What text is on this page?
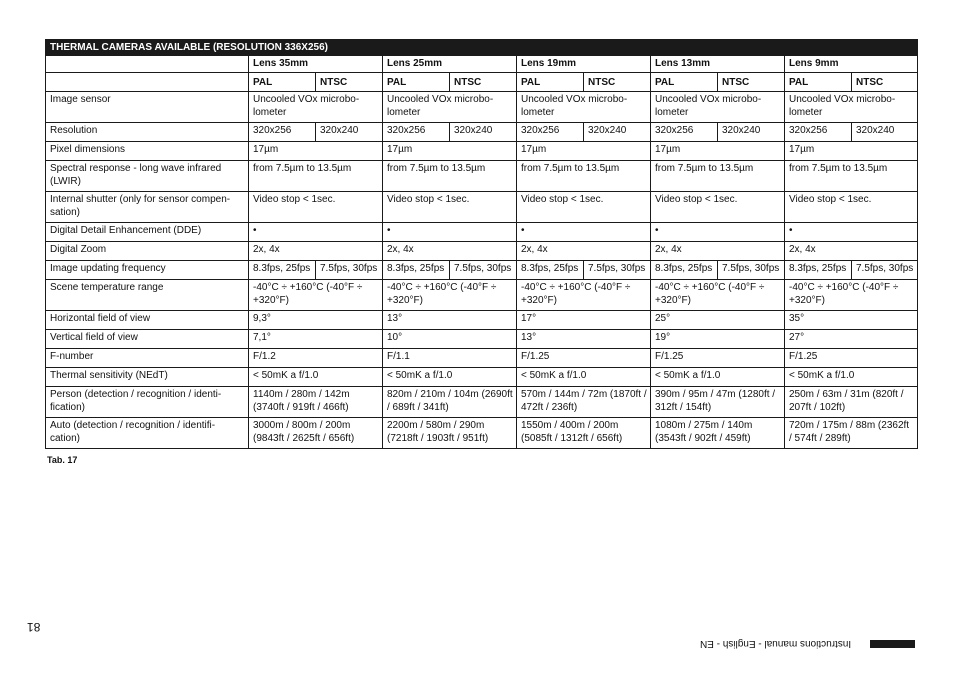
THERMAL CAMERAS AVAILABLE (RESOLUTION 336X256)										
	Lens 35mm		Lens 25mm		Lens 19mm		Lens 13mm		Lens 9mm	
	PAL	NTSC	PAL	NTSC	PAL	NTSC	PAL	NTSC	PAL	NTSC
Image sensor	Uncooled VOx microbo-lometer		Uncooled VOx microbo-lometer		Uncooled VOx microbo-lometer		Uncooled VOx microbo-lometer		Uncooled VOx microbo-lometer	
Resolution	320x256	320x240	320x256	320x240	320x256	320x240	320x256	320x240	320x256	320x240
Pixel dimensions	17µm		17µm		17µm		17µm		17µm	
Spectral response - long wave infrared (LWIR)	from 7.5µm to 13.5µm		from 7.5µm to 13.5µm		from 7.5µm to 13.5µm		from 7.5µm to 13.5µm		from 7.5µm to 13.5µm	
Internal shutter (only for sensor compen-sation)	Video stop < 1sec.		Video stop < 1sec.		Video stop < 1sec.		Video stop < 1sec.		Video stop < 1sec.	
Digital Detail Enhancement (DDE)	•		•		•		•		•	
Digital Zoom	2x, 4x		2x, 4x		2x, 4x		2x, 4x		2x, 4x	
Image updating frequency	8.3fps, 25fps	7.5fps, 30fps	8.3fps, 25fps	7.5fps, 30fps	8.3fps, 25fps	7.5fps, 30fps	8.3fps, 25fps	7.5fps, 30fps	8.3fps, 25fps	7.5fps, 30fps
Scene temperature range	-40°C ÷ +160°C (-40°F ÷ +320°F)		-40°C ÷ +160°C (-40°F ÷ +320°F)		-40°C ÷ +160°C (-40°F ÷ +320°F)		-40°C ÷ +160°C (-40°F ÷ +320°F)		-40°C ÷ +160°C (-40°F ÷ +320°F)	
Horizontal field of view	9,3°		13°		17°		25°		35°	
Vertical field of view	7,1°		10°		13°		19°		27°	
F-number	F/1.2		F/1.1		F/1.25		F/1.25		F/1.25	
Thermal sensitivity (NEdT)	< 50mK a f/1.0		< 50mK a f/1.0		< 50mK a f/1.0		< 50mK a f/1.0		< 50mK a f/1.0	
Person (detection / recognition / identi-fication)	1140m / 280m / 142m (3740ft / 919ft / 466ft)		820m / 210m / 104m (2690ft / 689ft / 341ft)		570m / 144m / 72m (1870ft / 472ft / 236ft)		390m / 95m / 47m (1280ft / 312ft / 154ft)		250m / 63m / 31m (820ft / 207ft / 102ft)	
Auto (detection / recognition / identifi-cation)	3000m / 800m / 200m (9843ft / 2625ft / 656ft)		2200m / 580m / 290m (7218ft / 1903ft / 951ft)		1550m / 400m / 200m (5085ft / 1312ft / 656ft)		1080m / 275m / 140m (3543ft / 902ft / 459ft)		720m / 175m / 88m (2362ft / 574ft / 289ft)	
Tab. 17
81
Instructions manual - English - EN
